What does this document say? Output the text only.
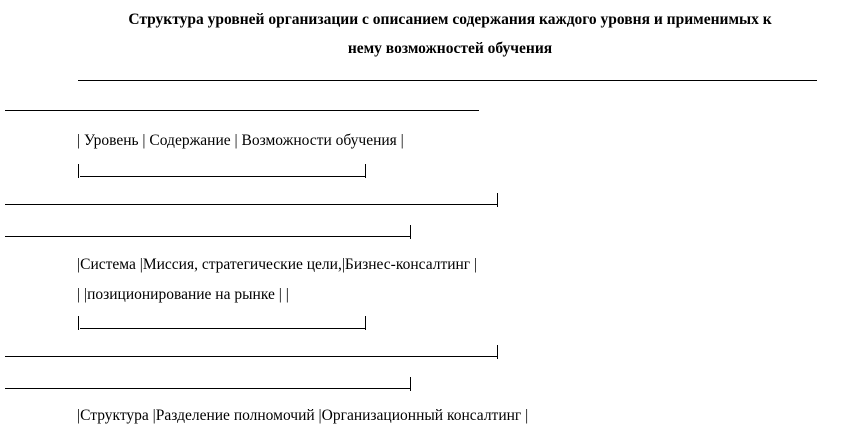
Структура уровней организации с описанием содержания каждого уровня и применимых к
нему возможностей обучения
| Уровень | Содержание | Возможности обучения |
|Система |Миссия, стратегические цели,|Бизнес-консалтинг |
| |позиционирование на рынке | |
|Структура |Разделение полномочий |Организационный консалтинг |
